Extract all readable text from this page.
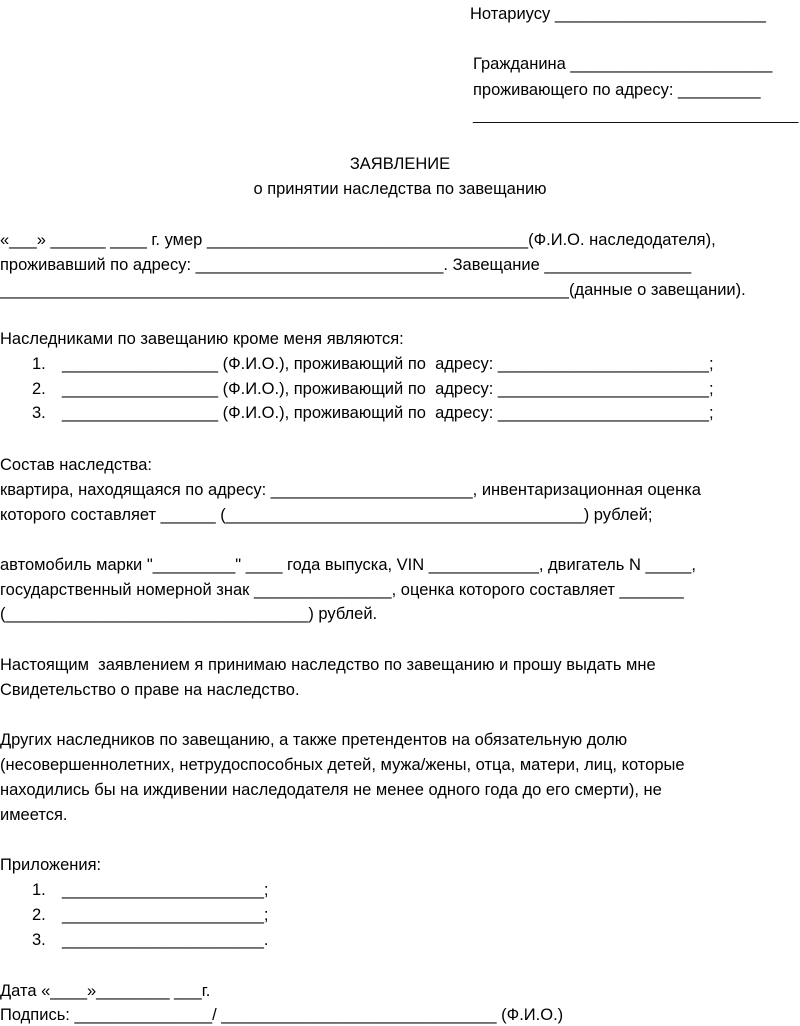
Нотариусу _______________________
Гражданина ______________________
проживающего по адресу: _________
_______________________________________
ЗАЯВЛЕНИЕ
о принятии наследства по завещанию
«___» ______ ____ г. умер ___________________________________(Ф.И.О. наследодателя),
проживавший по адресу: ___________________________. Завещание ________________
______________________________________________________________(данные о завещании).
Наследниками по завещанию кроме меня являются:
1. _________________ (Ф.И.О.), проживающий по  адресу: _______________________;
2. _________________ (Ф.И.О.), проживающий по  адресу: _______________________;
3. _________________ (Ф.И.О.), проживающий по  адресу: _______________________;
Состав наследства:
квартира, находящаяся по адресу: ______________________, инвентаризационная оценка
которого составляет ______ (_______________________________________) рублей;
автомобиль марки "_________" ____ года выпуска, VIN ____________, двигатель N _____,
государственный номерной знак _______________, оценка которого составляет _______
(_________________________________) рублей.
Настоящим  заявлением я принимаю наследство по завещанию и прошу выдать мне
Свидетельство о праве на наследство.
Других наследников по завещанию, а также претендентов на обязательную долю
(несовершеннолетних, нетрудоспособных детей, мужа/жены, отца, матери, лиц, которые
находились бы на иждивении наследодателя не менее одного года до его смерти), не
имеется.
Приложения:
1. ______________________;
2. ______________________;
3. ______________________.
Дата «____»________ ___г.
Подпись: _______________/ ______________________________ (Ф.И.О.)
